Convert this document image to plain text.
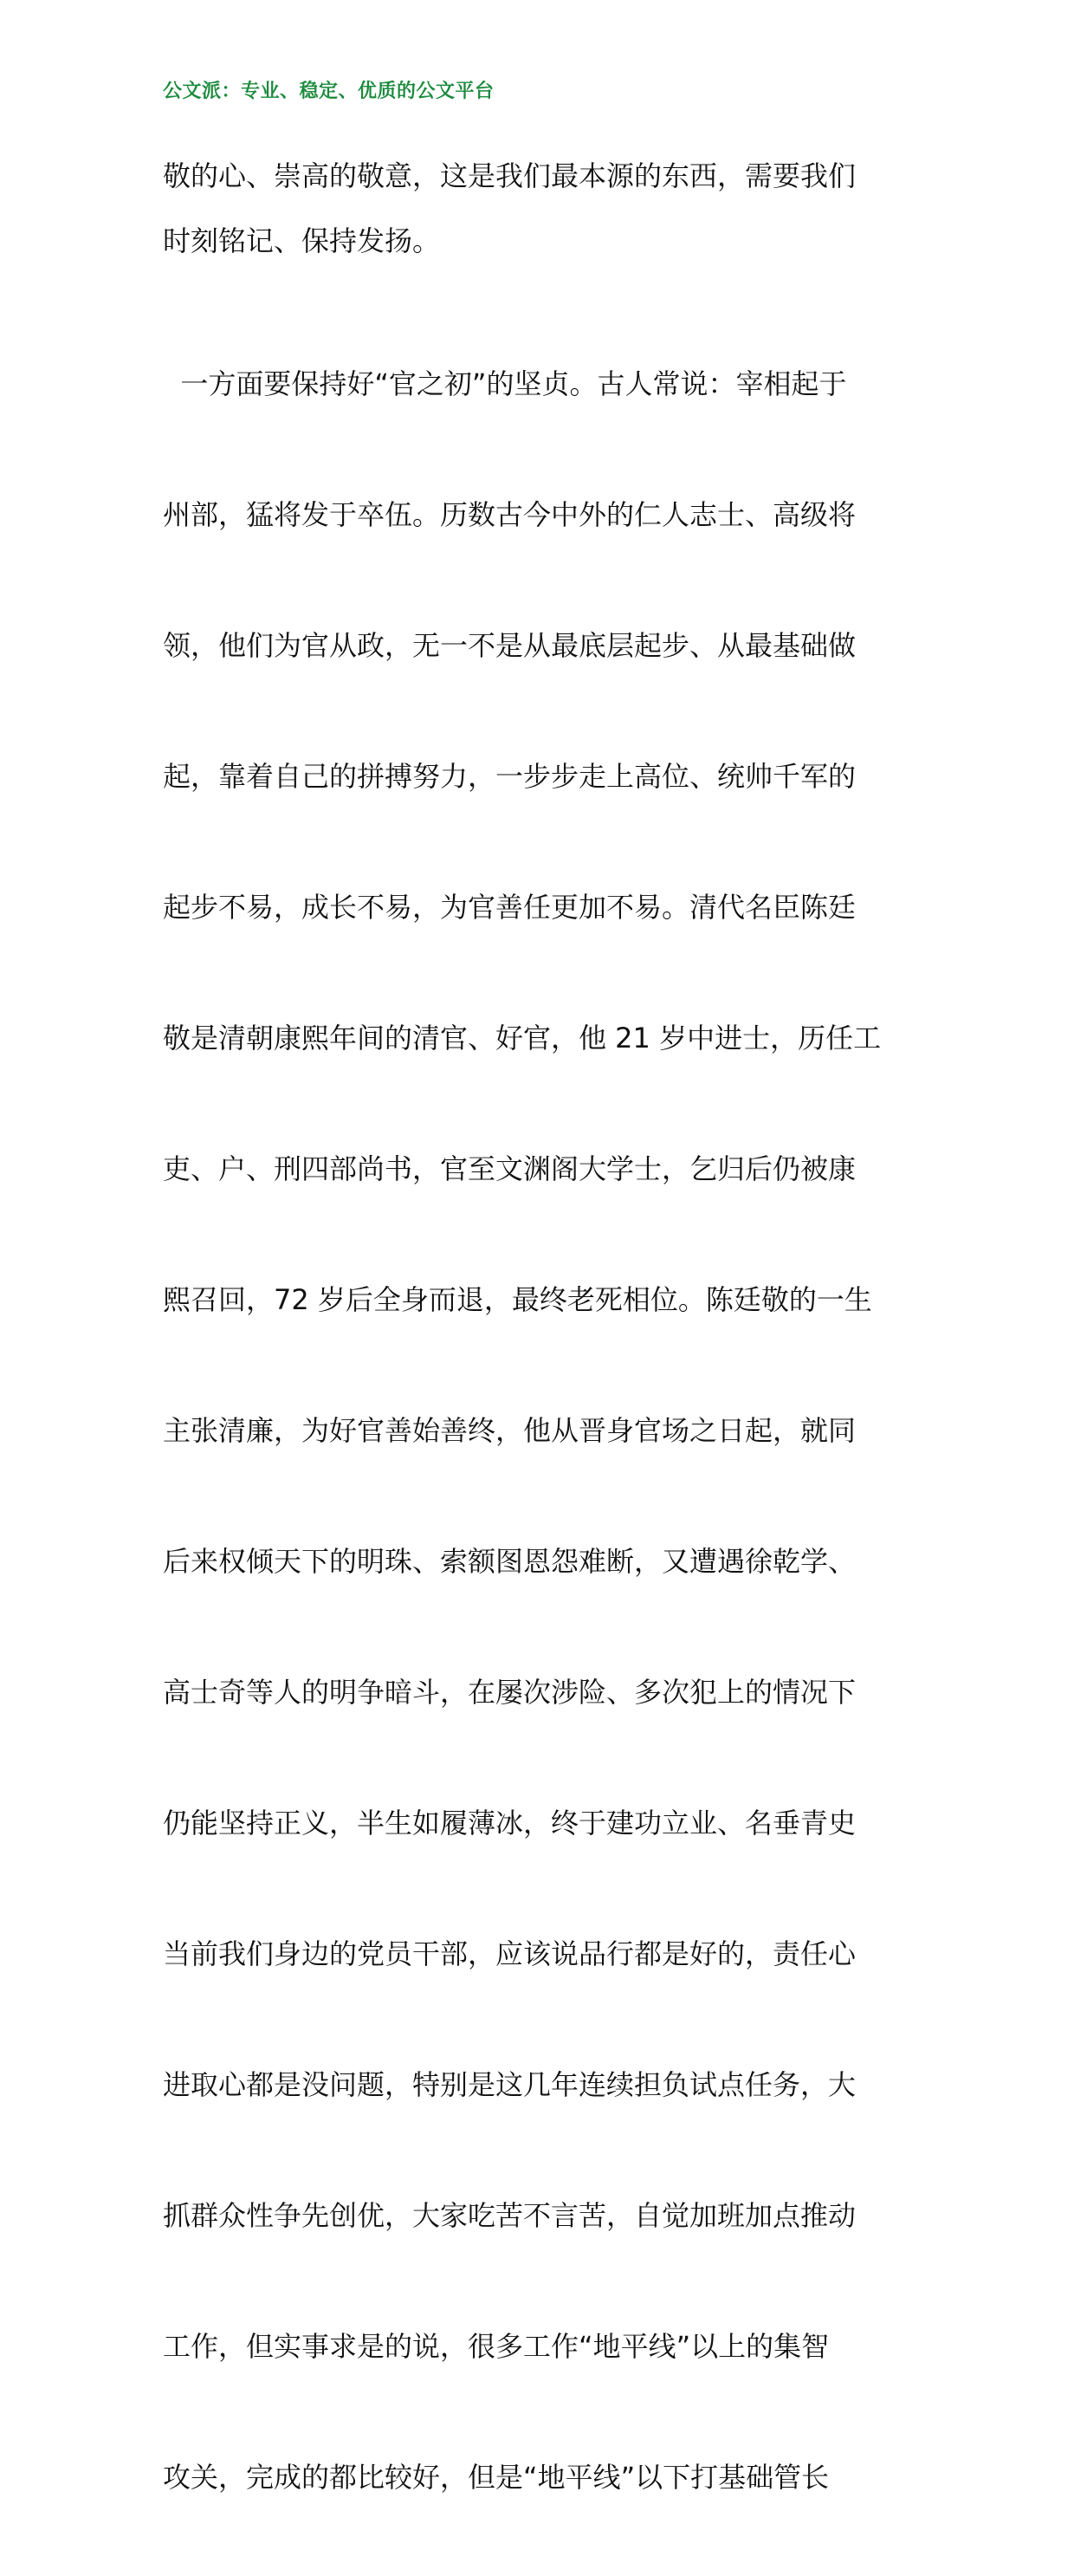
公文派：专业、稳定、优质的公文平台
敬的心、崇高的敬意，这是我们最本源的东西，需要我们
时刻铭记、保持发扬。

一方面要保持好“官之初”的坚贞。古人常说：宰相起于

州部，猛将发于卒伍。历数古今中外的仁人志士、高级将

领，他们为官从政，无一不是从最底层起步、从最基础做

起，靠着自己的拼搏努力，一步步走上高位、统帅千军的

起步不易，成长不易，为官善任更加不易。清代名臣陈廷

敬是清朝康熙年间的清官、好官，他 21 岁中进士，历任工

吏、户、刑四部尚书，官至文渊阁大学士，乞归后仍被康

熙召回，72 岁后全身而退，最终老死相位。陈廷敬的一生

主张清廉，为好官善始善终，他从晋身官场之日起，就同

后来权倾天下的明珠、索额图恩怨难断，又遭遇徐乾学、

高士奇等人的明争暗斗，在屡次涉险、多次犯上的情况下

仍能坚持正义，半生如履薄冰，终于建功立业、名垂青史

当前我们身边的党员干部，应该说品行都是好的，责任心

进取心都是没问题，特别是这几年连续担负试点任务，大

抓群众性争先创优，大家吃苦不言苦，自觉加班加点推动

工作，但实事求是的说，很多工作“地平线”以上的集智

攻关，完成的都比较好，但是“地平线”以下打基础管长
